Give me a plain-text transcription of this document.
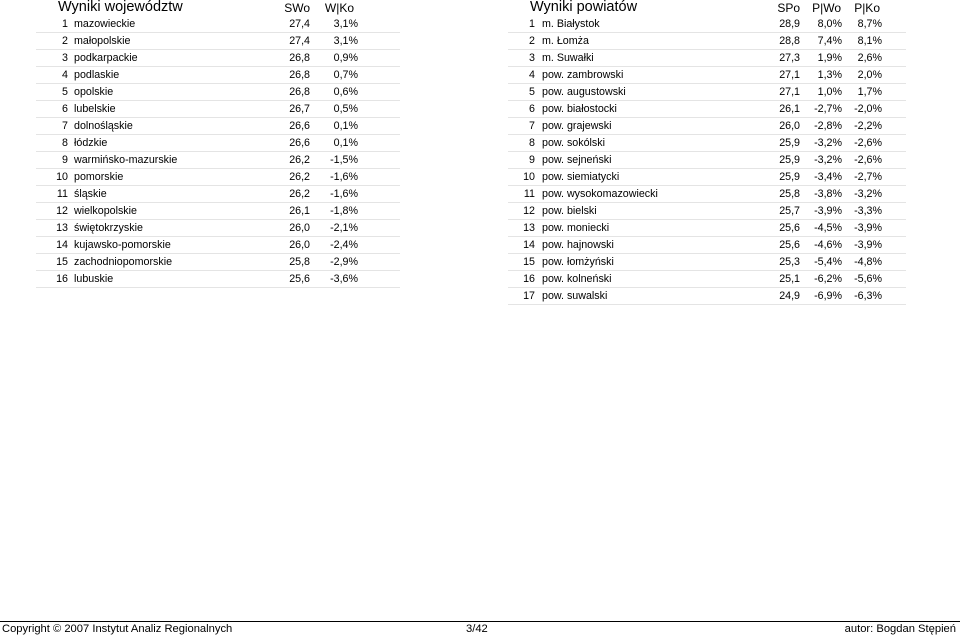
Wyniki województw	SWo W|Ko
1 mazowieckie	27,4 3,1%
2 małopolskie	27,4 3,1%
3 podkarpackie	26,8 0,9%
4 podlaskie	26,8 0,7%
5 opolskie	26,8 0,6%
6 lubelskie	26,7 0,5%
7 dolnośląskie	26,6 0,1%
8 łódzkie	26,6 0,1%
9 warmińsko-mazurskie	26,2 -1,5%
10 pomorskie	26,2 -1,6%
11 śląskie	26,2 -1,6%
12 wielkopolskie	26,1 -1,8%
13 świętokrzyskie	26,0 -2,1%
14 kujawsko-pomorskie	26,0 -2,4%
15 zachodniopomorskie	25,8 -2,9%
16 lubuskie	25,6 -3,6%
Wyniki powiatów	SPo P|Wo P|Ko
1 m. Białystok	28,9 8,0% 8,7%
2 m. Łomża	28,8 7,4% 8,1%
3 m. Suwałki	27,3 1,9% 2,6%
4 pow. zambrowski	27,1 1,3% 2,0%
5 pow. augustowski	27,1 1,0% 1,7%
6 pow. białostocki	26,1 -2,7% -2,0%
7 pow. grajewski	26,0 -2,8% -2,2%
8 pow. sokólski	25,9 -3,2% -2,6%
9 pow. sejneński	25,9 -3,2% -2,6%
10 pow. siemiatycki	25,9 -3,4% -2,7%
11 pow. wysokomazowiecki	25,8 -3,8% -3,2%
12 pow. bielski	25,7 -3,9% -3,3%
13 pow. moniecki	25,6 -4,5% -3,9%
14 pow. hajnowski	25,6 -4,6% -3,9%
15 pow. łomżyński	25,3 -5,4% -4,8%
16 pow. kolneński	25,1 -6,2% -5,6%
17 pow. suwalski	24,9 -6,9% -6,3%
Copyright © 2007 Instytut Analiz Regionalnych	3/42	autor: Bogdan Stępień
